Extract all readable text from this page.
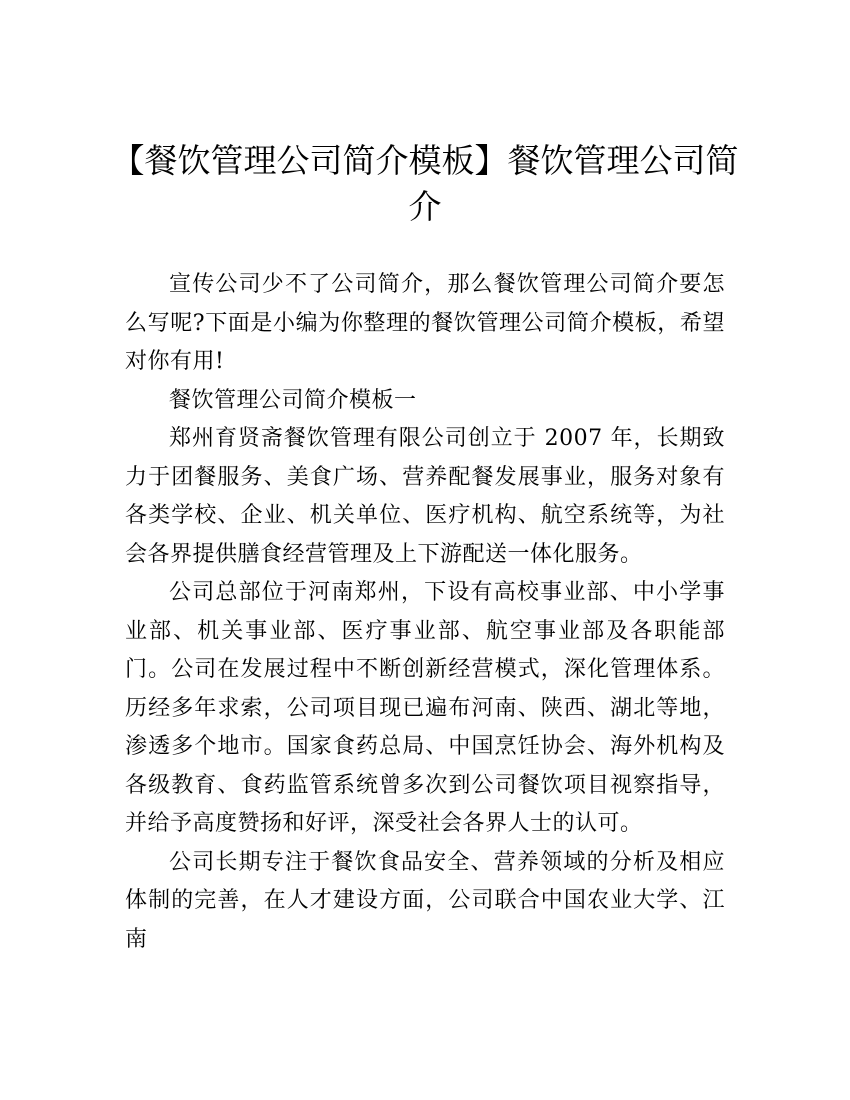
【餐饮管理公司简介模板】餐饮管理公司简介

宣传公司少不了公司简介，那么餐饮管理公司简介要怎么写呢?下面是小编为你整理的餐饮管理公司简介模板，希望对你有用!

餐饮管理公司简介模板一

郑州育贤斋餐饮管理有限公司创立于 2007 年，长期致力于团餐服务、美食广场、营养配餐发展事业，服务对象有各类学校、企业、机关单位、医疗机构、航空系统等，为社会各界提供膳食经营管理及上下游配送一体化服务。

公司总部位于河南郑州，下设有高校事业部、中小学事业部、机关事业部、医疗事业部、航空事业部及各职能部门。公司在发展过程中不断创新经营模式，深化管理体系。历经多年求索，公司项目现已遍布河南、陕西、湖北等地，渗透多个地市。国家食药总局、中国烹饪协会、海外机构及各级教育、食药监管系统曾多次到公司餐饮项目视察指导，并给予高度赞扬和好评，深受社会各界人士的认可。

公司长期专注于餐饮食品安全、营养领域的分析及相应体制的完善，在人才建设方面，公司联合中国农业大学、江南
